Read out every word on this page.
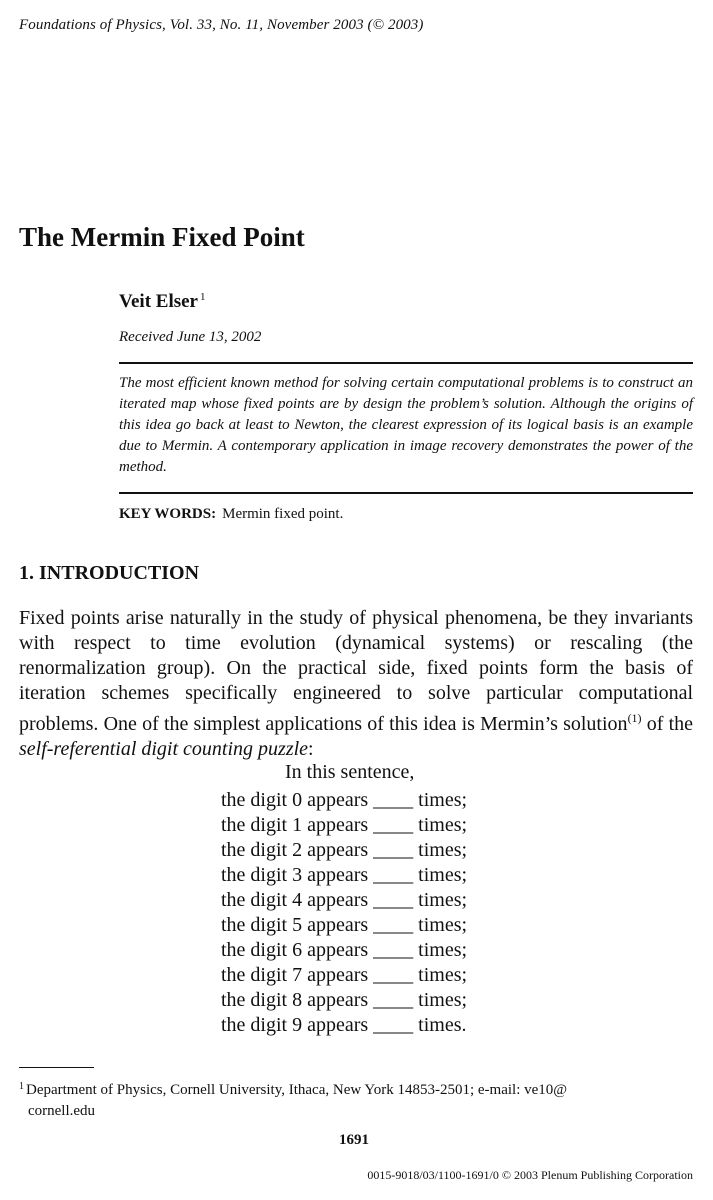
Foundations of Physics, Vol. 33, No. 11, November 2003 (© 2003)
The Mermin Fixed Point
Veit Elser $^1$
Received June 13, 2002
The most efficient known method for solving certain computational problems is to construct an iterated map whose fixed points are by design the problem’s solution. Although the origins of this idea go back at least to Newton, the clearest expression of its logical basis is an example due to Mermin. A contemporary application in image recovery demonstrates the power of the method.
KEY WORDS: Mermin fixed point.
1. INTRODUCTION
Fixed points arise naturally in the study of physical phenomena, be they invariants with respect to time evolution (dynamical systems) or rescaling (the renormalization group). On the practical side, fixed points form the basis of iteration schemes specifically engineered to solve particular computational problems. One of the simplest applications of this idea is Mermin’s solution$^{(1)}$ of the self-referential digit counting puzzle:
In this sentence,
the digit 0 appears ____ times;
the digit 1 appears ____ times;
the digit 2 appears ____ times;
the digit 3 appears ____ times;
the digit 4 appears ____ times;
the digit 5 appears ____ times;
the digit 6 appears ____ times;
the digit 7 appears ____ times;
the digit 8 appears ____ times;
the digit 9 appears ____ times.
$^1$ Department of Physics, Cornell University, Ithaca, New York 14853-2501; e-mail: ve10@
cornell.edu
1691
0015-9018/03/1100-1691/0 © 2003 Plenum Publishing Corporation
